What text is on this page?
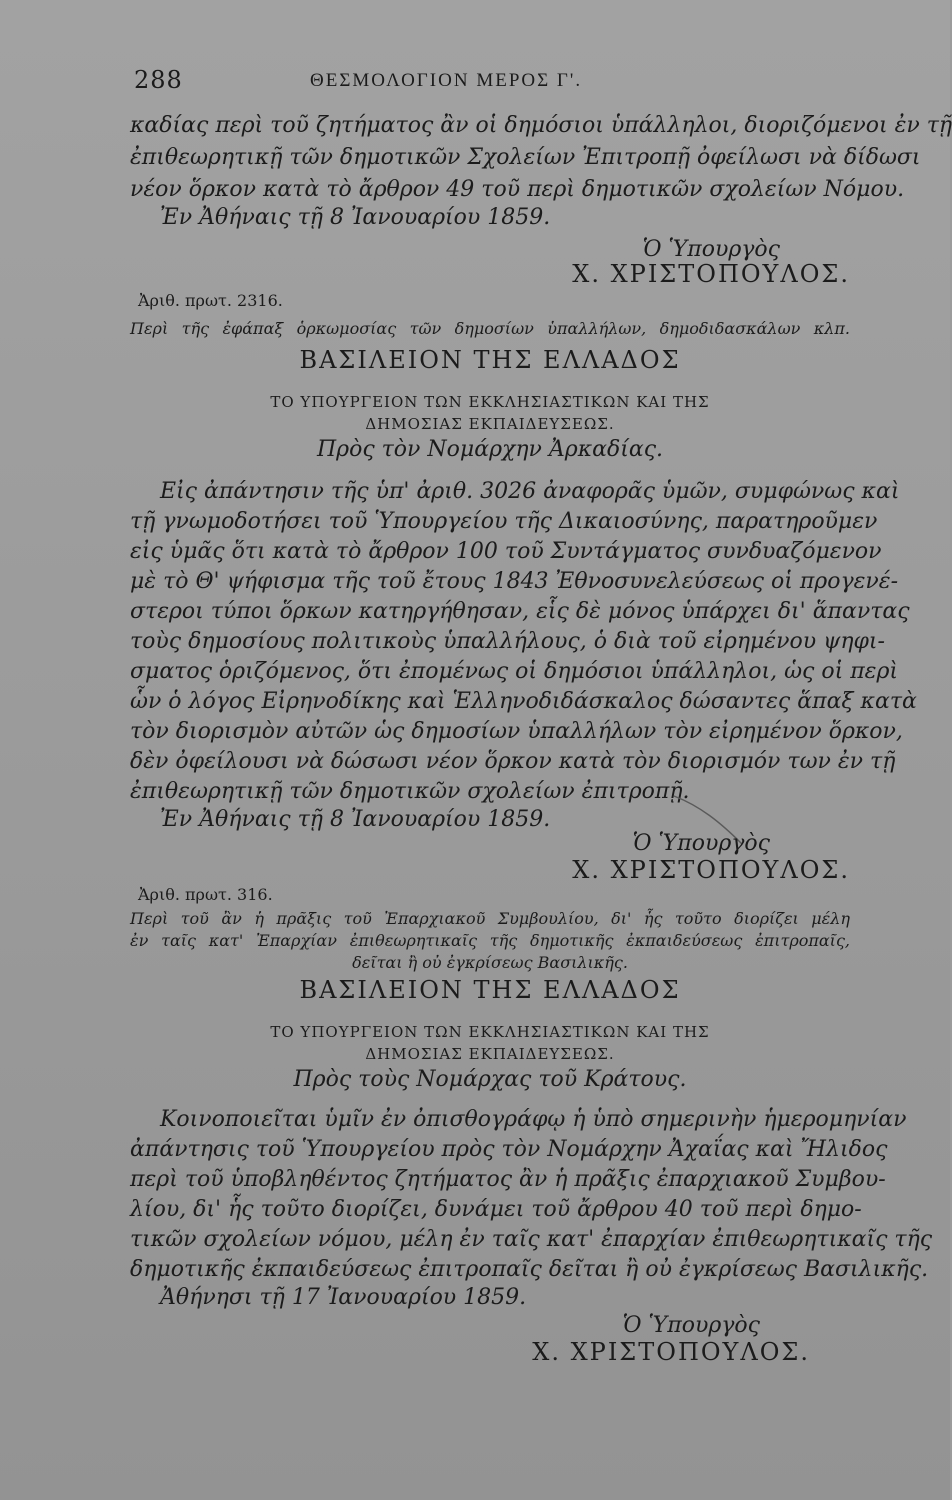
288	ΘΕΣΜΟΛΟΓΙΟΝ ΜΕΡΟΣ Γ'.
καδίας περὶ τοῦ ζητήματος ἂν οἱ δημόσιοι ὑπάλληλοι, διοριζόμενοι ἐν τῇ
ἐπιθεωρητικῇ τῶν δημοτικῶν Σχολείων Ἐπιτροπῇ ὀφείλωσι νὰ δίδωσι
νέον ὅρκον κατὰ τὸ ἄρθρον 49 τοῦ περὶ δημοτικῶν σχολείων Νόμου.
Ἐν Ἀθήναις τῇ 8 Ἰανουαρίου 1859.
Ὁ Ὑπουργὸς
Χ. ΧΡΙΣΤΟΠΟΥΛΟΣ.
Ἀριθ. πρωτ. 2316.
Περὶ τῆς ἐφάπαξ ὁρκωμοσίας τῶν δημοσίων ὑπαλλήλων, δημοδιδασκάλων κλπ.
ΒΑΣΙΛΕΙΟΝ ΤΗΣ ΕΛΛΑΔΟΣ
ΤΟ ΥΠΟΥΡΓΕΙΟΝ ΤΩΝ ΕΚΚΛΗΣΙΑΣΤΙΚΩΝ ΚΑΙ ΤΗΣ
ΔΗΜΟΣΙΑΣ ΕΚΠΑΙΔΕΥΣΕΩΣ.
Πρὸς τὸν Νομάρχην Ἀρκαδίας.
Εἰς ἀπάντησιν τῆς ὑπ' ἀριθ. 3026 ἀναφορᾶς ὑμῶν, συμφώνως καὶ
τῇ γνωμοδοτήσει τοῦ Ὑπουργείου τῆς Δικαιοσύνης, παρατηροῦμεν
εἰς ὑμᾶς ὅτι κατὰ τὸ ἄρθρον 100 τοῦ Συντάγματος συνδυαζόμενον
μὲ τὸ Θ' ψήφισμα τῆς τοῦ ἔτους 1843 Ἐθνοσυνελεύσεως οἱ προγενέ-
στεροι τύποι ὅρκων κατηργήθησαν, εἷς δὲ μόνος ὑπάρχει δι' ἅπαντας
τοὺς δημοσίους πολιτικοὺς ὑπαλλήλους, ὁ διὰ τοῦ εἰρημένου ψηφι-
σματος ὁριζόμενος, ὅτι ἐπομένως οἱ δημόσιοι ὑπάλληλοι, ὡς οἱ περὶ
ὧν ὁ λόγος Εἰρηνοδίκης καὶ Ἑλληνοδιδάσκαλος δώσαντες ἅπαξ κατὰ
τὸν διορισμὸν αὐτῶν ὡς δημοσίων ὑπαλλήλων τὸν εἰρημένον ὅρκον,
δὲν ὀφείλουσι νὰ δώσωσι νέον ὅρκον κατὰ τὸν διορισμόν των ἐν τῇ
ἐπιθεωρητικῇ τῶν δημοτικῶν σχολείων ἐπιτροπῇ.
Ἐν Ἀθήναις τῇ 8 Ἰανουαρίου 1859.
Ὁ Ὑπουργὸς
Χ. ΧΡΙΣΤΟΠΟΥΛΟΣ.
Ἀριθ. πρωτ. 316.
Περὶ τοῦ ἂν ἡ πρᾶξις τοῦ Ἐπαρχιακοῦ Συμβουλίου, δι' ἧς τοῦτο διορίζει μέλη
ἐν ταῖς κατ' Ἐπαρχίαν ἐπιθεωρητικαῖς τῆς δημοτικῆς ἐκπαιδεύσεως ἐπιτροπαῖς,
δεῖται ἢ οὐ ἐγκρίσεως Βασιλικῆς.
ΒΑΣΙΛΕΙΟΝ ΤΗΣ ΕΛΛΑΔΟΣ
ΤΟ ΥΠΟΥΡΓΕΙΟΝ ΤΩΝ ΕΚΚΛΗΣΙΑΣΤΙΚΩΝ ΚΑΙ ΤΗΣ
ΔΗΜΟΣΙΑΣ ΕΚΠΑΙΔΕΥΣΕΩΣ.
Πρὸς τοὺς Νομάρχας τοῦ Κράτους.
Κοινοποιεῖται ὑμῖν ἐν ὀπισθογράφῳ ἡ ὑπὸ σημερινὴν ἡμερομηνίαν
ἀπάντησις τοῦ Ὑπουργείου πρὸς τὸν Νομάρχην Ἀχαΐας καὶ Ἤλιδος
περὶ τοῦ ὑποβληθέντος ζητήματος ἂν ἡ πρᾶξις ἐπαρχιακοῦ Συμβου-
λίου, δι' ἧς τοῦτο διορίζει, δυνάμει τοῦ ἄρθρου 40 τοῦ περὶ δημο-
τικῶν σχολείων νόμου, μέλη ἐν ταῖς κατ' ἐπαρχίαν ἐπιθεωρητικαῖς τῆς
δημοτικῆς ἐκπαιδεύσεως ἐπιτροπαῖς δεῖται ἢ οὐ ἐγκρίσεως Βασιλικῆς.
Ἀθήνησι τῇ 17 Ἰανουαρίου 1859.
Ὁ Ὑπουργὸς
Χ. ΧΡΙΣΤΟΠΟΥΛΟΣ.
